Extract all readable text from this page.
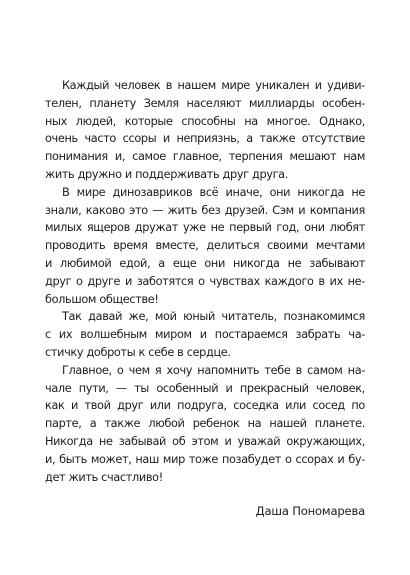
Каждый человек в нашем мире уникален и удиви-
телен, планету Земля населяют миллиарды особен-
ных людей, которые способны на многое. Однако,
очень часто ссоры и неприязнь, а также отсутствие
понимания и, самое главное, терпения мешают нам
жить дружно и поддерживать друг друга.

В мире динозавриков всё иначе, они никогда не
знали, каково это — жить без друзей. Сэм и компания
милых ящеров дружат уже не первый год, они любят
проводить время вместе, делиться своими мечтами
и любимой едой, а еще они никогда не забывают
друг о друге и заботятся о чувствах каждого в их не-
большом обществе!

Так давай же, мой юный читатель, познакомимся
с их волшебным миром и постараемся забрать ча-
стичку доброты к себе в сердце.

Главное, о чем я хочу напомнить тебе в самом на-
чале пути, — ты особенный и прекрасный человек,
как и твой друг или подруга, соседка или сосед по
парте, а также любой ребенок на нашей планете.
Никогда не забывай об этом и уважай окружающих,
и, быть может, наш мир тоже позабудет о ссорах и бу-
дет жить счастливо!

Даша Пономарева
